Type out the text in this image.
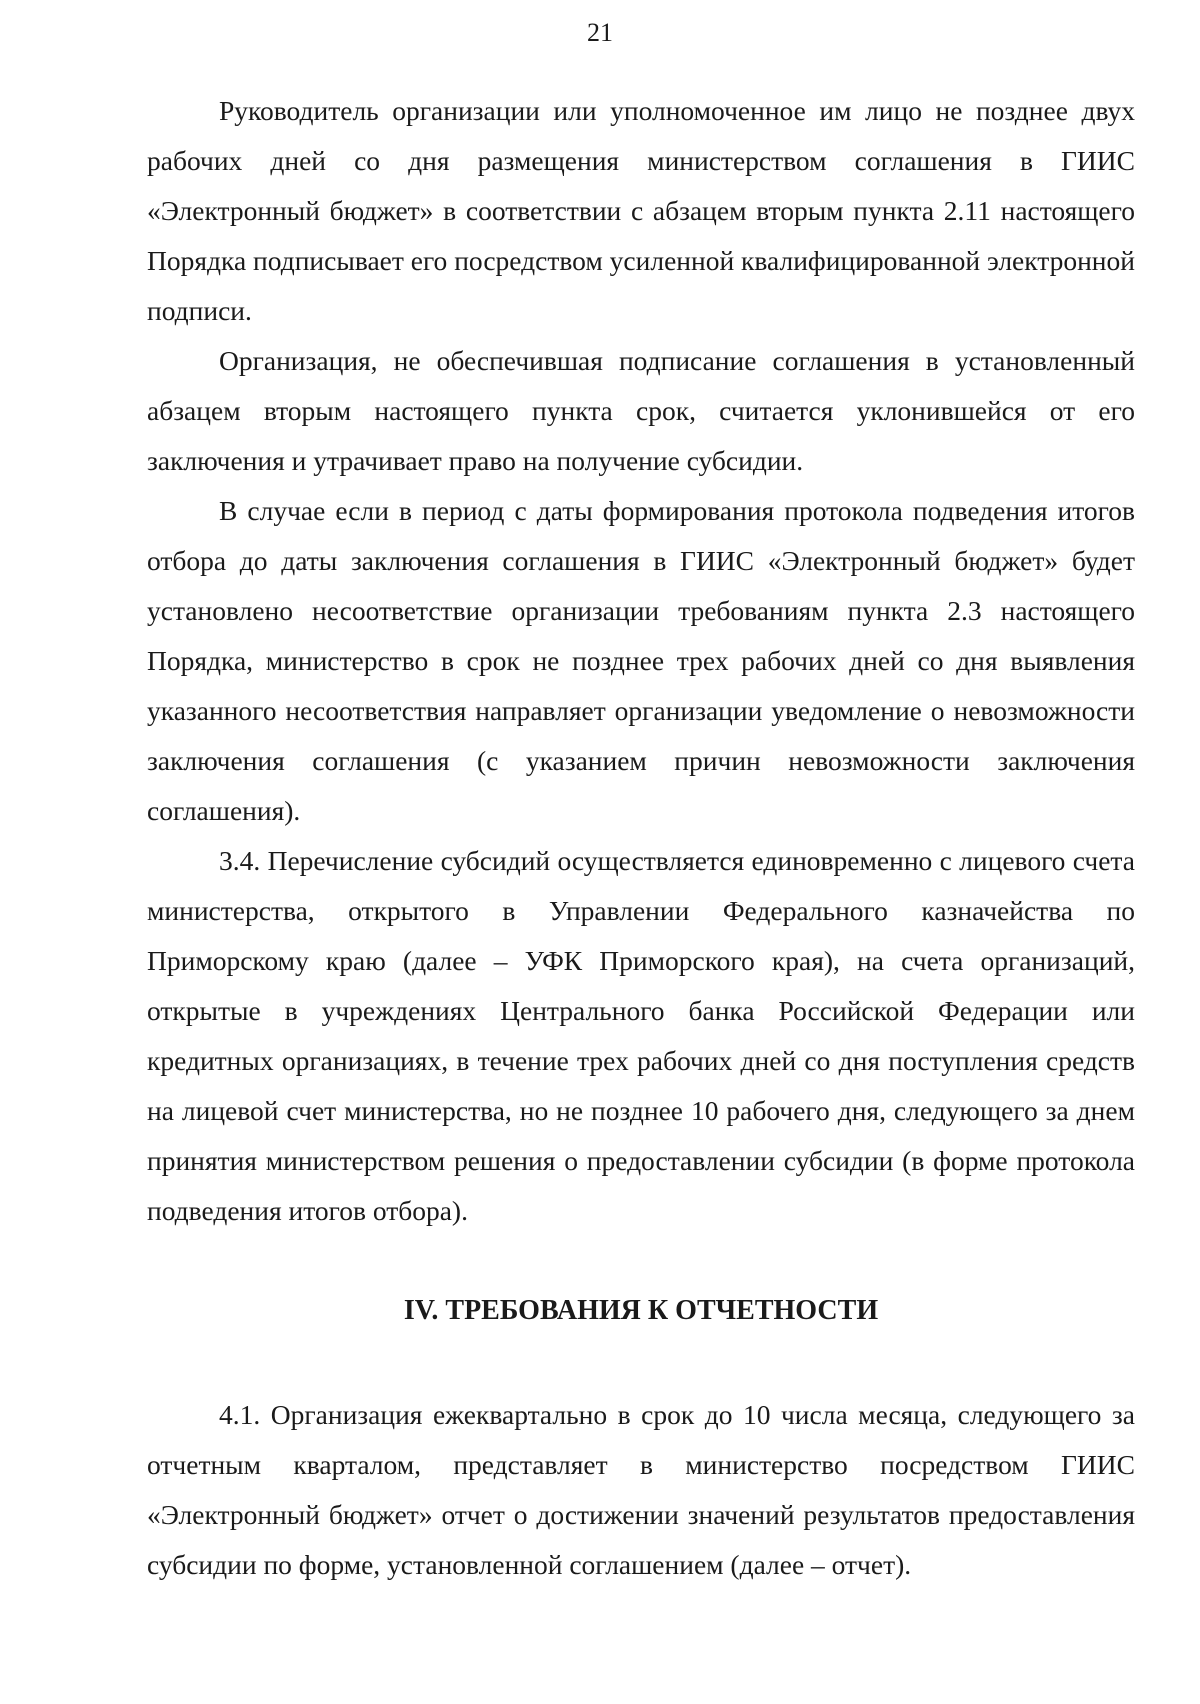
21

Руководитель организации или уполномоченное им лицо не позднее двух рабочих дней со дня размещения министерством соглашения в ГИИС «Электронный бюджет» в соответствии с абзацем вторым пункта 2.11 настоящего Порядка подписывает его посредством усиленной квалифицированной электронной подписи.

Организация, не обеспечившая подписание соглашения в установленный абзацем вторым настоящего пункта срок, считается уклонившейся от его заключения и утрачивает право на получение субсидии.

В случае если в период с даты формирования протокола подведения итогов отбора до даты заключения соглашения в ГИИС «Электронный бюджет» будет установлено несоответствие организации требованиям пункта 2.3 настоящего Порядка, министерство в срок не позднее трех рабочих дней со дня выявления указанного несоответствия направляет организации уведомление о невозможности заключения соглашения (с указанием причин невозможности заключения соглашения).

3.4. Перечисление субсидий осуществляется единовременно с лицевого счета министерства, открытого в Управлении Федерального казначейства по Приморскому краю (далее – УФК Приморского края), на счета организаций, открытые в учреждениях Центрального банка Российской Федерации или кредитных организациях, в течение трех рабочих дней со дня поступления средств на лицевой счет министерства, но не позднее 10 рабочего дня, следующего за днем принятия министерством решения о предоставлении субсидии (в форме протокола подведения итогов отбора).

IV. ТРЕБОВАНИЯ К ОТЧЕТНОСТИ

4.1. Организация ежеквартально в срок до 10 числа месяца, следующего за отчетным кварталом, представляет в министерство посредством ГИИС «Электронный бюджет» отчет о достижении значений результатов предоставления субсидии по форме, установленной соглашением (далее – отчет).
